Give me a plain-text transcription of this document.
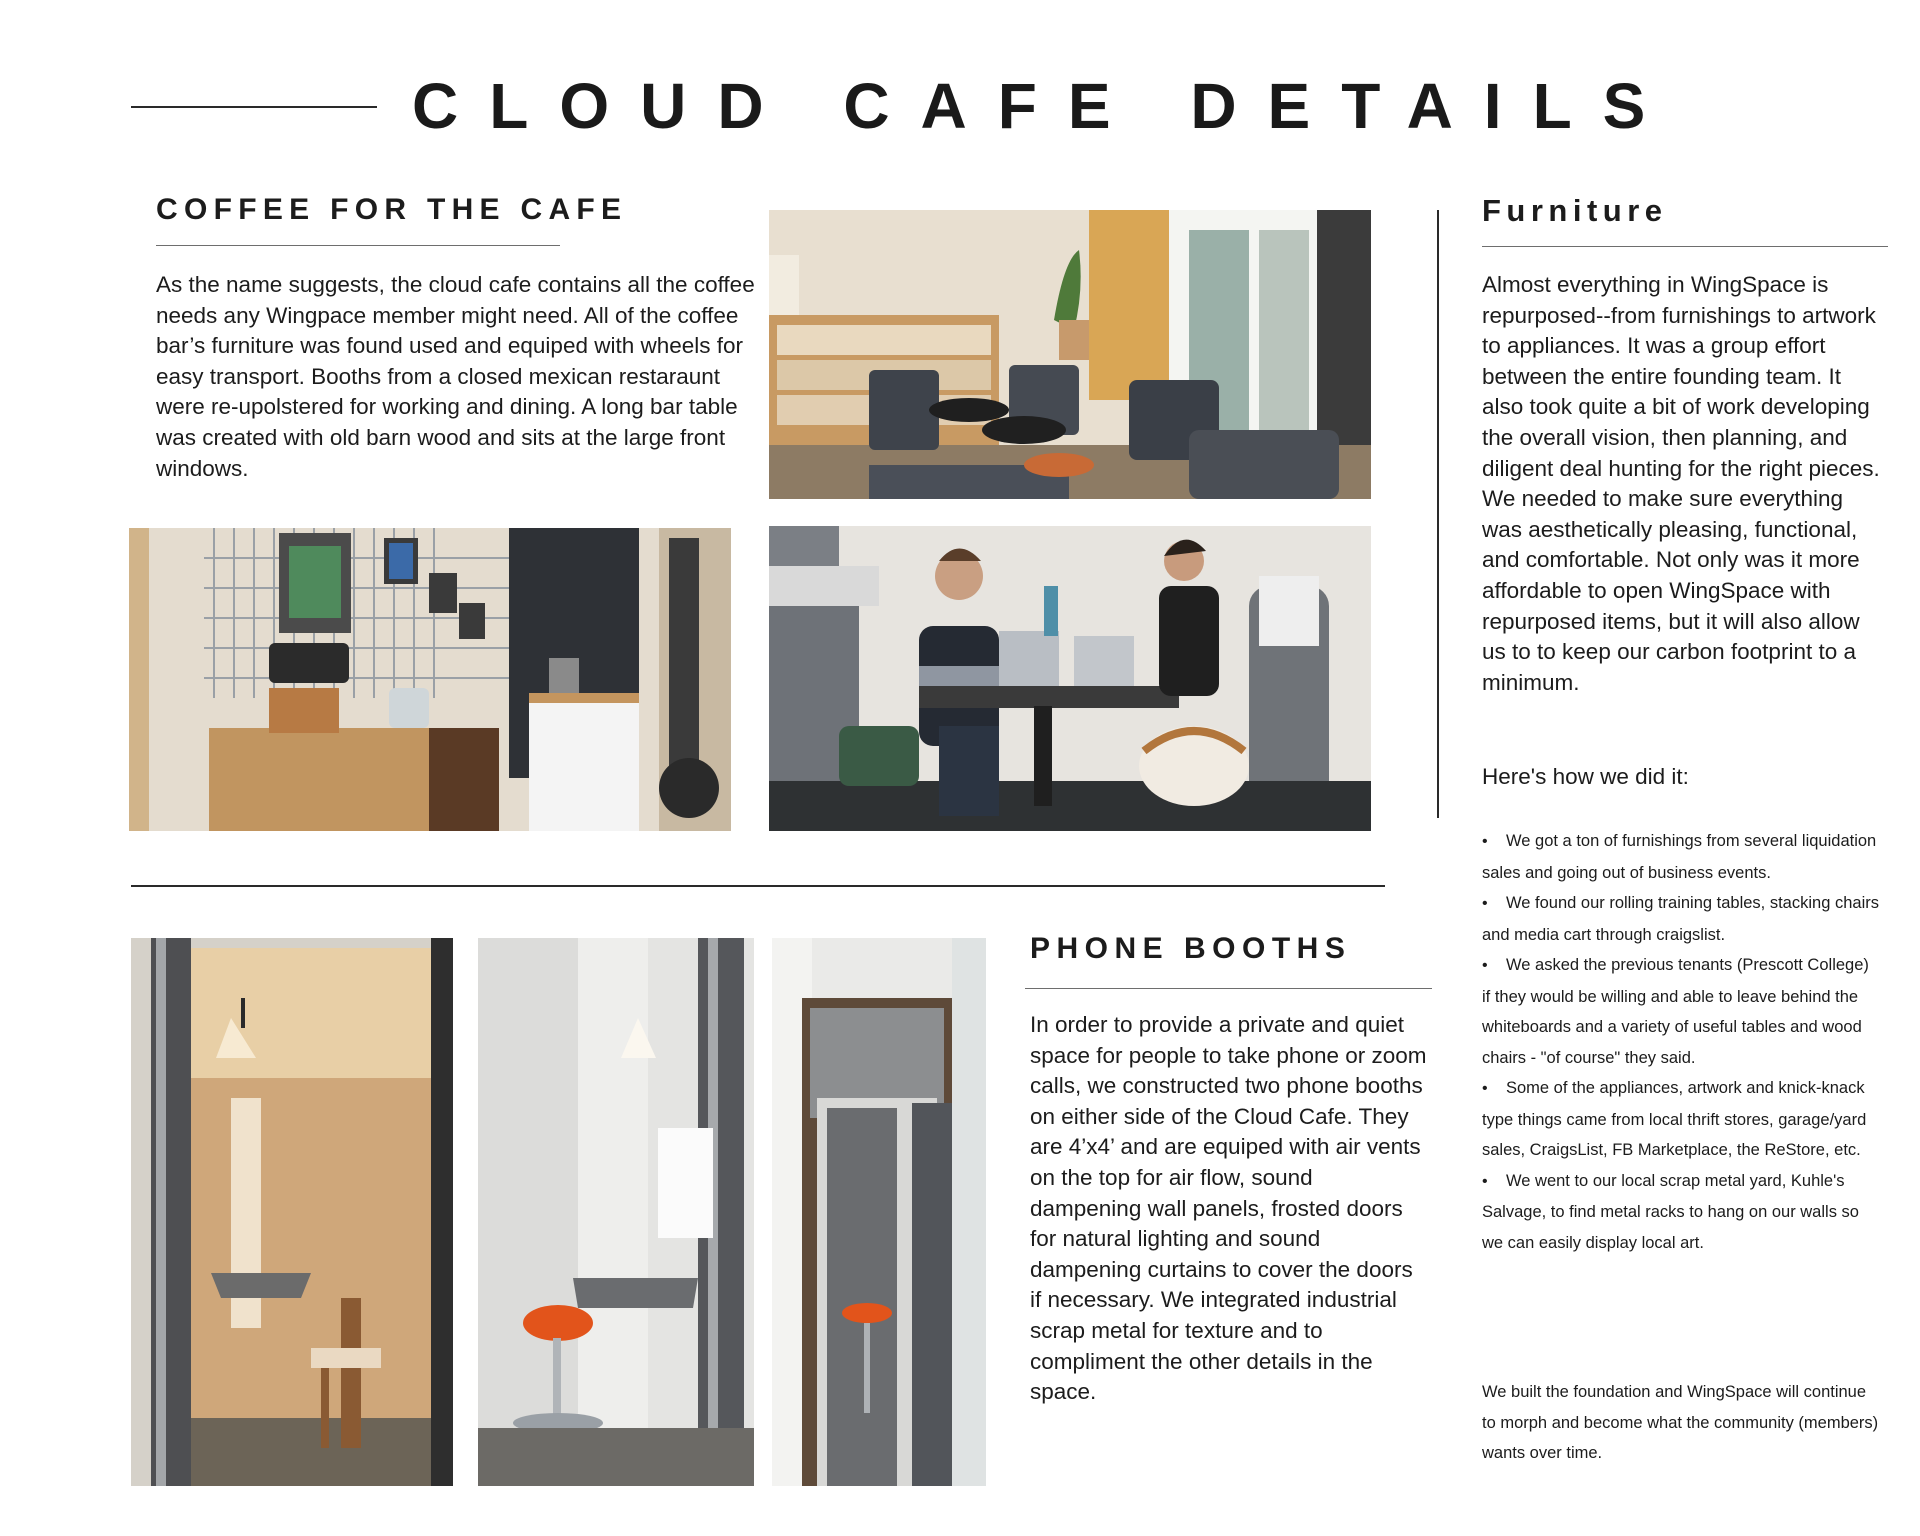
CLOUD CAFE DETAILS
COFFEE FOR THE CAFE

As the name suggests, the cloud cafe contains all the coffee needs any Wingpace member might need. All of the coffee bar’s furniture was found used and equiped with wheels for easy transport. Booths from a closed mexican restaraunt were re-upolstered for working and dining. A long bar table was created with old barn wood and sits at the large front windows.

PHONE BOOTHS

In order to provide a private and quiet space for people to take phone or zoom calls, we constructed two phone booths on either side of the Cloud Cafe. They are 4’x4’ and are equiped with air vents on the top for air flow, sound dampening wall panels, frosted doors for natural lighting and sound dampening curtains to cover the doors if necessary. We integrated industrial scrap metal for texture and to compliment the other details in the space.

Furniture

Almost everything in WingSpace is repurposed--from furnishings to artwork to appliances. It was a group effort between the entire founding team. It also took quite a bit of work developing the overall vision, then planning, and diligent deal hunting for the right pieces. We needed to make sure everything was aesthetically pleasing, functional, and comfortable. Not only was it more affordable to open WingSpace with repurposed items, but it will also allow us to to keep our carbon footprint to a minimum.

Here's how we did it:

• We got a ton of furnishings from several liquidation sales and going out of business events.
• We found our rolling training tables, stacking chairs and media cart through craigslist.
• We asked the previous tenants (Prescott College) if they would be willing and able to leave behind the whiteboards and a variety of useful tables and wood chairs - "of course" they said.
• Some of the appliances, artwork and knick-knack type things came from local thrift stores, garage/yard sales, CraigsList, FB Marketplace, the ReStore, etc.
• We went to our local scrap metal yard, Kuhle's Salvage, to find metal racks to hang on our walls so we can easily display local art.

We built the foundation and WingSpace will continue to morph and become what the community (members) wants over time.
